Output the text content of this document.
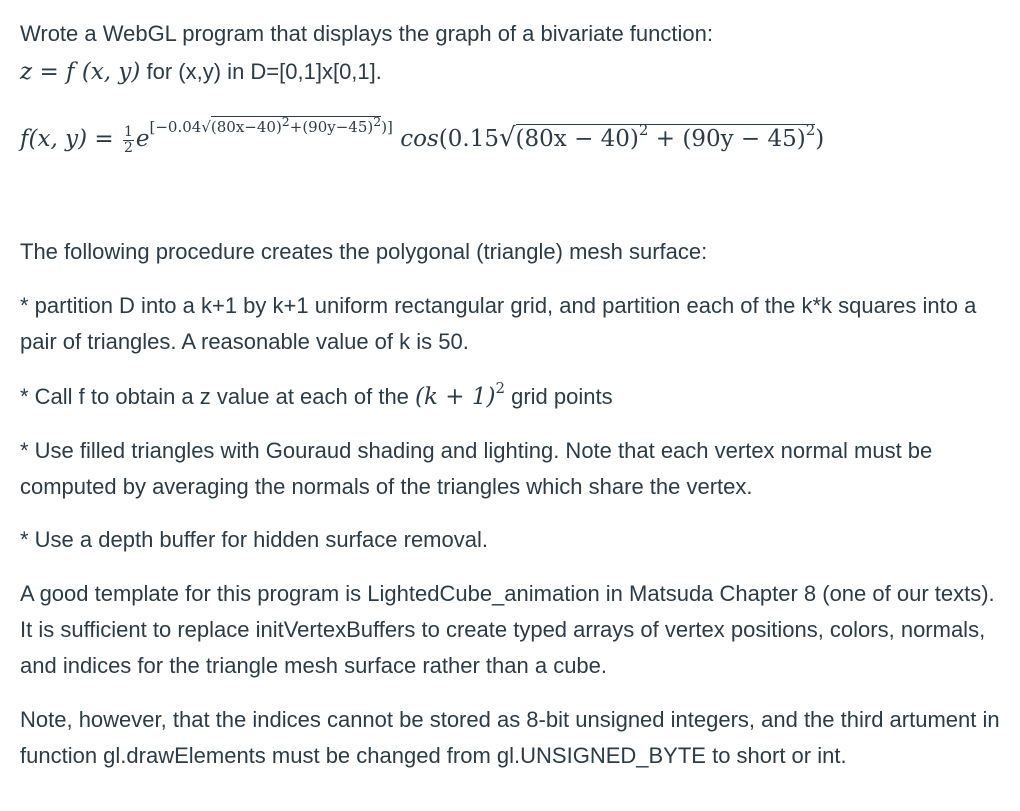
Wrote a WebGL program that displays the graph of a bivariate function:

z = f (x, y) for (x,y) in D=[0,1]x[0,1].

f(x, $y) = \frac{1}{2} e[-0.04√(80x-40)2+(90y-45)2)]$ $\cos(0.15√(80x - 40)^2 + (90y - 45)^2)$

The following procedure creates the polygonal (triangle) mesh surface:

* partition D into a k+1 by k+1 uniform rectangular grid, and partition each of the k*k squares into a pair of triangles. A reasonable value of k is 50.

* Call f to obtain a z value at each of the $(k + 1)^2$ grid points

* Use filled triangles with Gouraud shading and lighting. Note that each vertex normal must be computed by averaging the normals of the triangles which share the vertex.

* Use a depth buffer for hidden surface removal.

A good template for this program is LightedCube_animation in Matsuda Chapter 8 (one of our texts). It is sufficient to replace initVertexBuffers to create typed arrays of vertex positions, colors, normals, and indices for the triangle mesh surface rather than a cube.

Note, however, that the indices cannot be stored as 8-bit unsigned integers, and the third artument in function gl.drawElements must be changed from gl.UNSIGNED_BYTE to short or int.
